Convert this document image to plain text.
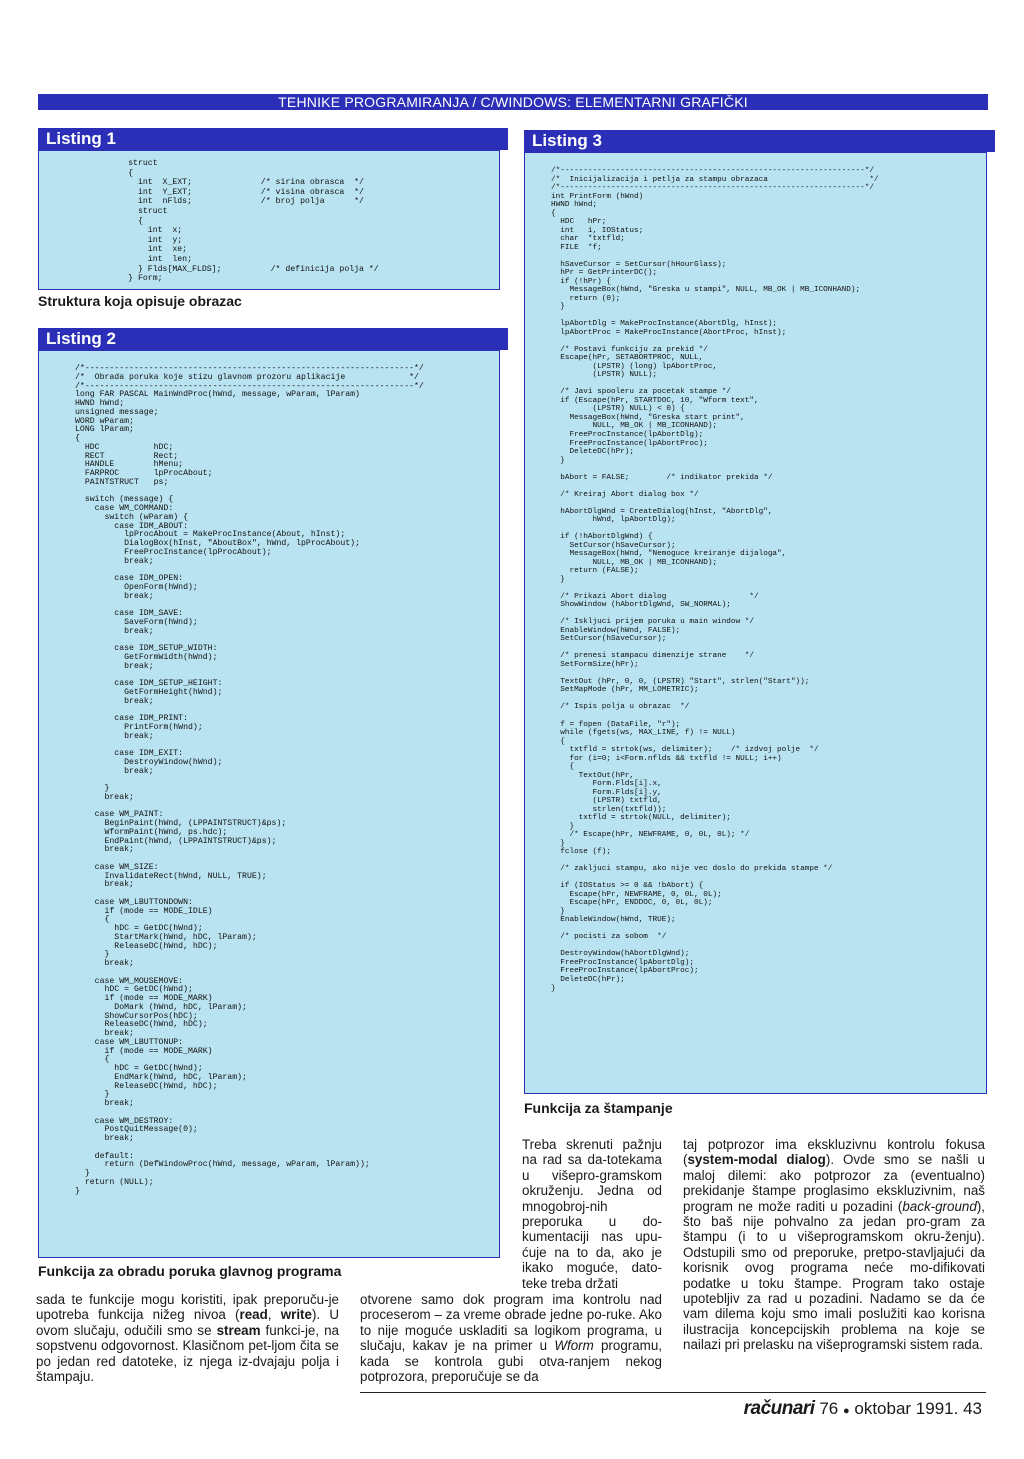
TEHNIKE PROGRAMIRANJA / C/WINDOWS: ELEMENTARNI GRAFIČKI
Listing 1
struct
{
int  X_EXT;              /* sirina obrasca  */
int  Y_EXT;              /* visina obrasca  */
int  nFlds;              /* broj polja      */
struct
{
int  x;
int  y;
int  xe;
int  len;
} Flds[MAX_FLDS];          /* definicija polja */
} Form;
Struktura koja opisuje obrazac
Listing 2
/*-------------------------------------------------------------------*/
/*  Obrada poruka koje stizu glavnom prozoru aplikacije             */
/*-------------------------------------------------------------------*/
long FAR PASCAL MainWndProc(hWnd, message, wParam, lParam)
HWND hWnd;
unsigned message;
WORD wParam;
LONG lParam;
{
HDC           hDC;
RECT          Rect;
HANDLE        hMenu;
FARPROC       lpProcAbout;
PAINTSTRUCT   ps;

switch (message) {
case WM_COMMAND:
switch (wParam) {
case IDM_ABOUT:
lpProcAbout = MakeProcInstance(About, hInst);
DialogBox(hInst, "AboutBox", hWnd, lpProcAbout);
FreeProcInstance(lpProcAbout);
break;

case IDM_OPEN:
OpenForm(hWnd);
break;

case IDM_SAVE:
SaveForm(hWnd);
break;

case IDM_SETUP_WIDTH:
GetFormWidth(hWnd);
break;

case IDM_SETUP_HEIGHT:
GetFormHeight(hWnd);
break;

case IDM_PRINT:
PrintForm(hWnd);
break;

case IDM_EXIT:
DestroyWindow(hWnd);
break;

}
break;

case WM_PAINT:
BeginPaint(hWnd, (LPPAINTSTRUCT)&ps);
WformPaint(hWnd, ps.hdc);
EndPaint(hWnd, (LPPAINTSTRUCT)&ps);
break;

case WM_SIZE:
InvalidateRect(hWnd, NULL, TRUE);
break;

case WM_LBUTTONDOWN:
if (mode == MODE_IDLE)
{
hDC = GetDC(hWnd);
StartMark(hWnd, hDC, lParam);
ReleaseDC(hWnd, hDC);
}
break;

case WM_MOUSEMOVE:
hDC = GetDC(hWnd);
if (mode == MODE_MARK)
DoMark (hWnd, hDC, lParam);
ShowCursorPos(hDC);
ReleaseDC(hWnd, hDC);
break;
case WM_LBUTTONUP:
if (mode == MODE_MARK)
{
hDC = GetDC(hWnd);
EndMark(hWnd, hDC, lParam);
ReleaseDC(hWnd, hDC);
}
break;

case WM_DESTROY:
PostQuitMessage(0);
break;

default:
return (DefWindowProc(hWnd, message, wParam, lParam));
}
return (NULL);
}
Funkcija za obradu poruka glavnog programa
Listing 3
/*------------------------------------------------------------------*/
/*  Inicijalizacija i petlja za stampu obrazaca                      */
/*------------------------------------------------------------------*/
int PrintForm (hWnd)
HWND hWnd;
{
HDC   hPr;
int   i, IOStatus;
char  *txtfld;
FILE  *f;

hSaveCursor = SetCursor(hHourGlass);
hPr = GetPrinterDC();
if (!hPr) {
MessageBox(hWnd, "Greska u stampi", NULL, MB_OK | MB_ICONHAND);
return (0);
}

lpAbortDlg = MakeProcInstance(AbortDlg, hInst);
lpAbortProc = MakeProcInstance(AbortProc, hInst);

/* Postavi funkciju za prekid */
Escape(hPr, SETABORTPROC, NULL,
(LPSTR) (long) lpAbortProc,
(LPSTR) NULL);

/* Javi spooleru za pocetak stampe */
if (Escape(hPr, STARTDOC, 10, "Wform text",
(LPSTR) NULL) < 0) {
MessageBox(hWnd, "Greska start print",
NULL, MB_OK | MB_ICONHAND);
FreeProcInstance(lpAbortDlg);
FreeProcInstance(lpAbortProc);
DeleteDC(hPr);
}

bAbort = FALSE;        /* indikator prekida */

/* Kreiraj Abort dialog box */

hAbortDlgWnd = CreateDialog(hInst, "AbortDlg",
hWnd, lpAbortDlg);

if (!hAbortDlgWnd) {
SetCursor(hSaveCursor);
MessageBox(hWnd, "Nemoguce kreiranje dijaloga",
NULL, MB_OK | MB_ICONHAND);
return (FALSE);
}

/* Prikazi Abort dialog                  */
ShowWindow (hAbortDlgWnd, SW_NORMAL);

/* Iskljuci prijem poruka u main window */
EnableWindow(hWnd, FALSE);
SetCursor(hSaveCursor);

/* prenesi stampacu dimenzije strane    */
SetFormSize(hPr);

TextOut (hPr, 0, 0, (LPSTR) "Start", strlen("Start"));
SetMapMode (hPr, MM_LOMETRIC);

/* Ispis polja u obrazac  */

f = fopen (DataFile, "r");
while (fgets(ws, MAX_LINE, f) != NULL)
{
txtfld = strtok(ws, delimiter);    /* izdvoj polje  */
for (i=0; i<Form.nflds && txtfld != NULL; i++)
{
TextOut(hPr,
Form.Flds[i].x,
Form.Flds[i].y,
(LPSTR) txtfld,
strlen(txtfld));
txtfld = strtok(NULL, delimiter);
}
/* Escape(hPr, NEWFRAME, 0, 0L, 0L); */
}
fclose (f);

/* zakljuci stampu, ako nije vec doslo do prekida stampe */

if (IOStatus >= 0 && !bAbort) {
Escape(hPr, NEWFRAME, 0, 0L, 0L);
Escape(hPr, ENDDOC, 0, 0L, 0L);
}
EnableWindow(hWnd, TRUE);

/* pocisti za sobom  */

DestroyWindow(hAbortDlgWnd);
FreeProcInstance(lpAbortDlg);
FreeProcInstance(lpAbortProc);
DeleteDC(hPr);
}
Funkcija za štampanje

sada te funkcije mogu koristiti, ipak preporuču-je upotreba funkcija nižeg nivoa (read, write). U ovom slučaju, odučili smo se stream funkci-je, na sopstvenu odgovornost. Klasičnom pet-ljom čita se po jedan red datoteke, iz njega iz-dvajaju polja i štampaju.

Treba skrenuti pažnju na rad sa da-totekama u višepro-gramskom okruženju. Jedna od mnogobroj-nih preporuka u do-kumentaciji nas upu-ćuje na to da, ako je ikako moguće, dato-teke treba držati

otvorene samo dok program ima kontrolu nad proceserom – za vreme obrade jedne po-ruke. Ako to nije moguće uskladiti sa logikom programa, u slučaju, kakav je na primer u Wform programu, kada se kontrola gubi otva-ranjem nekog potprozora, preporučuje se da

taj potprozor ima ekskluzivnu kontrolu fokusa (system-modal dialog). Ovde smo se našli u maloj dilemi: ako potprozor za (eventualno) prekidanje štampe proglasimo ekskluzivnim, naš program ne može raditi u pozadini (back-ground), što baš nije pohvalno za jedan pro-gram za štampu (i to u višeprogramskom okru-ženju). Odstupili smo od preporuke, pretpo-stavljajući da korisnik ovog programa neće mo-difikovati podatke u toku štampe. Program tako ostaje upotebljiv za rad u pozadini. Nadamo se da će vam dilema koju smo imali poslužiti kao korisna ilustracija koncepcijskih problema na koje se nailazi pri prelasku na višeprogramski sistem rada.

računari 76 ● oktobar 1991. 43
